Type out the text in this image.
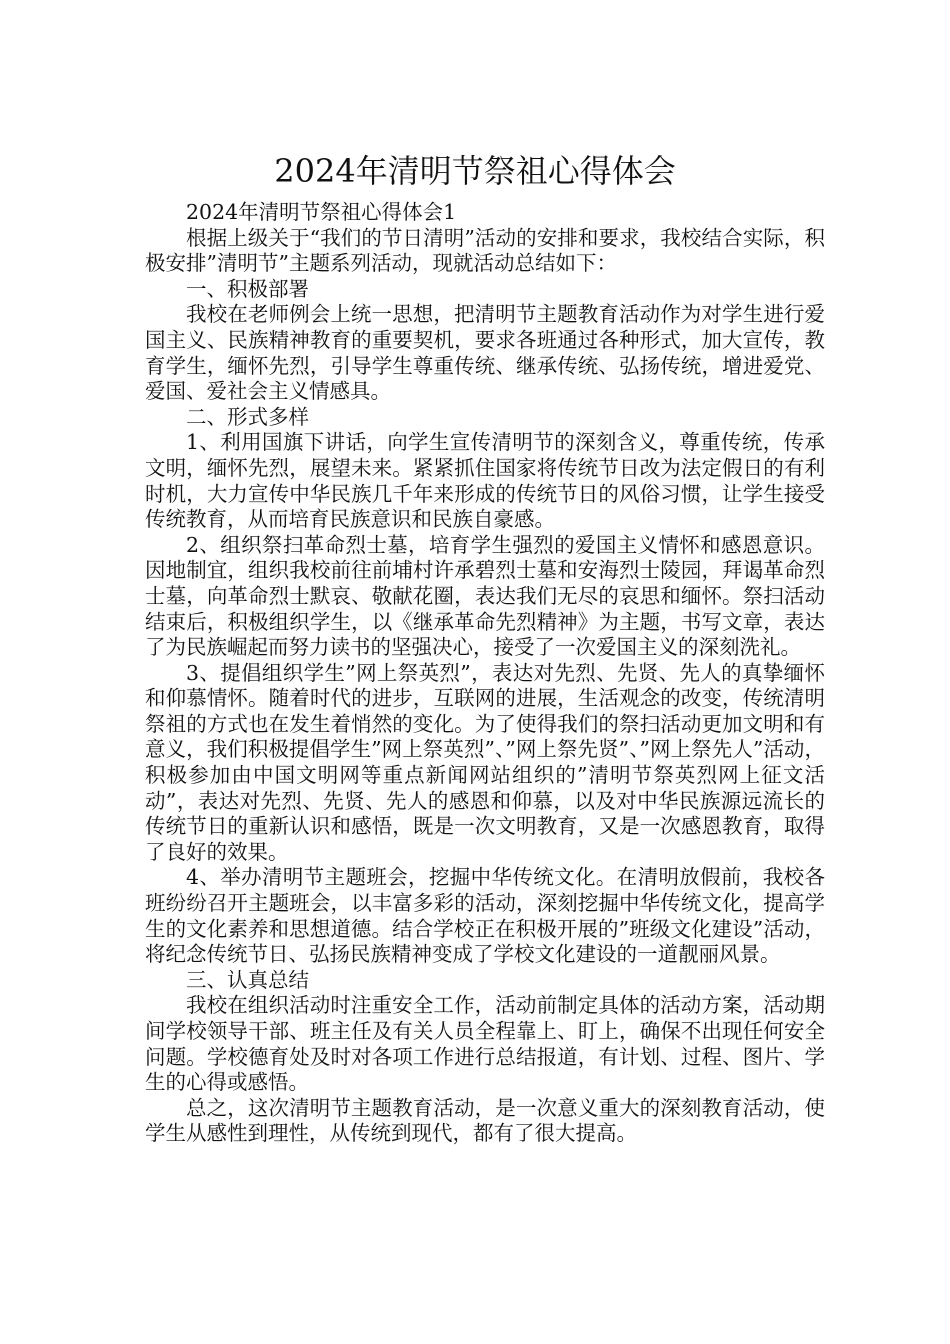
2024年清明节祭祖心得体会

2024年清明节祭祖心得体会1

根据上级关于“我们的节日清明”活动的安排和要求，我校结合实际，积极安排”清明节”主题系列活动，现就活动总结如下：

一、积极部署

我校在老师例会上统一思想，把清明节主题教育活动作为对学生进行爱国主义、民族精神教育的重要契机，要求各班通过各种形式，加大宣传，教育学生，缅怀先烈，引导学生尊重传统、继承传统、弘扬传统，增进爱党、爱国、爱社会主义情感具。

二、形式多样

1、利用国旗下讲话，向学生宣传清明节的深刻含义，尊重传统，传承文明，缅怀先烈，展望未来。紧紧抓住国家将传统节日改为法定假日的有利时机，大力宣传中华民族几千年来形成的传统节日的风俗习惯，让学生接受传统教育，从而培育民族意识和民族自豪感。

2、组织祭扫革命烈士墓，培育学生强烈的爱国主义情怀和感恩意识。因地制宜，组织我校前往前埔村许承碧烈士墓和安海烈士陵园，拜谒革命烈士墓，向革命烈士默哀、敬献花圈，表达我们无尽的哀思和缅怀。祭扫活动结束后，积极组织学生，以《继承革命先烈精神》为主题，书写文章，表达了为民族崛起而努力读书的坚强决心，接受了一次爱国主义的深刻洗礼。

3、提倡组织学生”网上祭英烈”，表达对先烈、先贤、先人的真挚缅怀和仰慕情怀。随着时代的进步，互联网的进展，生活观念的改变，传统清明祭祖的方式也在发生着悄然的变化。为了使得我们的祭扫活动更加文明和有意义，我们积极提倡学生”网上祭英烈”、”网上祭先贤”、”网上祭先人”活动，积极参加由中国文明网等重点新闻网站组织的”清明节祭英烈网上征文活动”，表达对先烈、先贤、先人的感恩和仰慕，以及对中华民族源远流长的传统节日的重新认识和感悟，既是一次文明教育，又是一次感恩教育，取得了良好的效果。

4、举办清明节主题班会，挖掘中华传统文化。在清明放假前，我校各班纷纷召开主题班会，以丰富多彩的活动，深刻挖掘中华传统文化，提高学生的文化素养和思想道德。结合学校正在积极开展的”班级文化建设”活动，将纪念传统节日、弘扬民族精神变成了学校文化建设的一道靓丽风景。

三、认真总结

我校在组织活动时注重安全工作，活动前制定具体的活动方案，活动期间学校领导干部、班主任及有关人员全程靠上、盯上，确保不出现任何安全问题。学校德育处及时对各项工作进行总结报道，有计划、过程、图片、学生的心得或感悟。

总之，这次清明节主题教育活动，是一次意义重大的深刻教育活动，使学生从感性到理性，从传统到现代，都有了很大提高。
